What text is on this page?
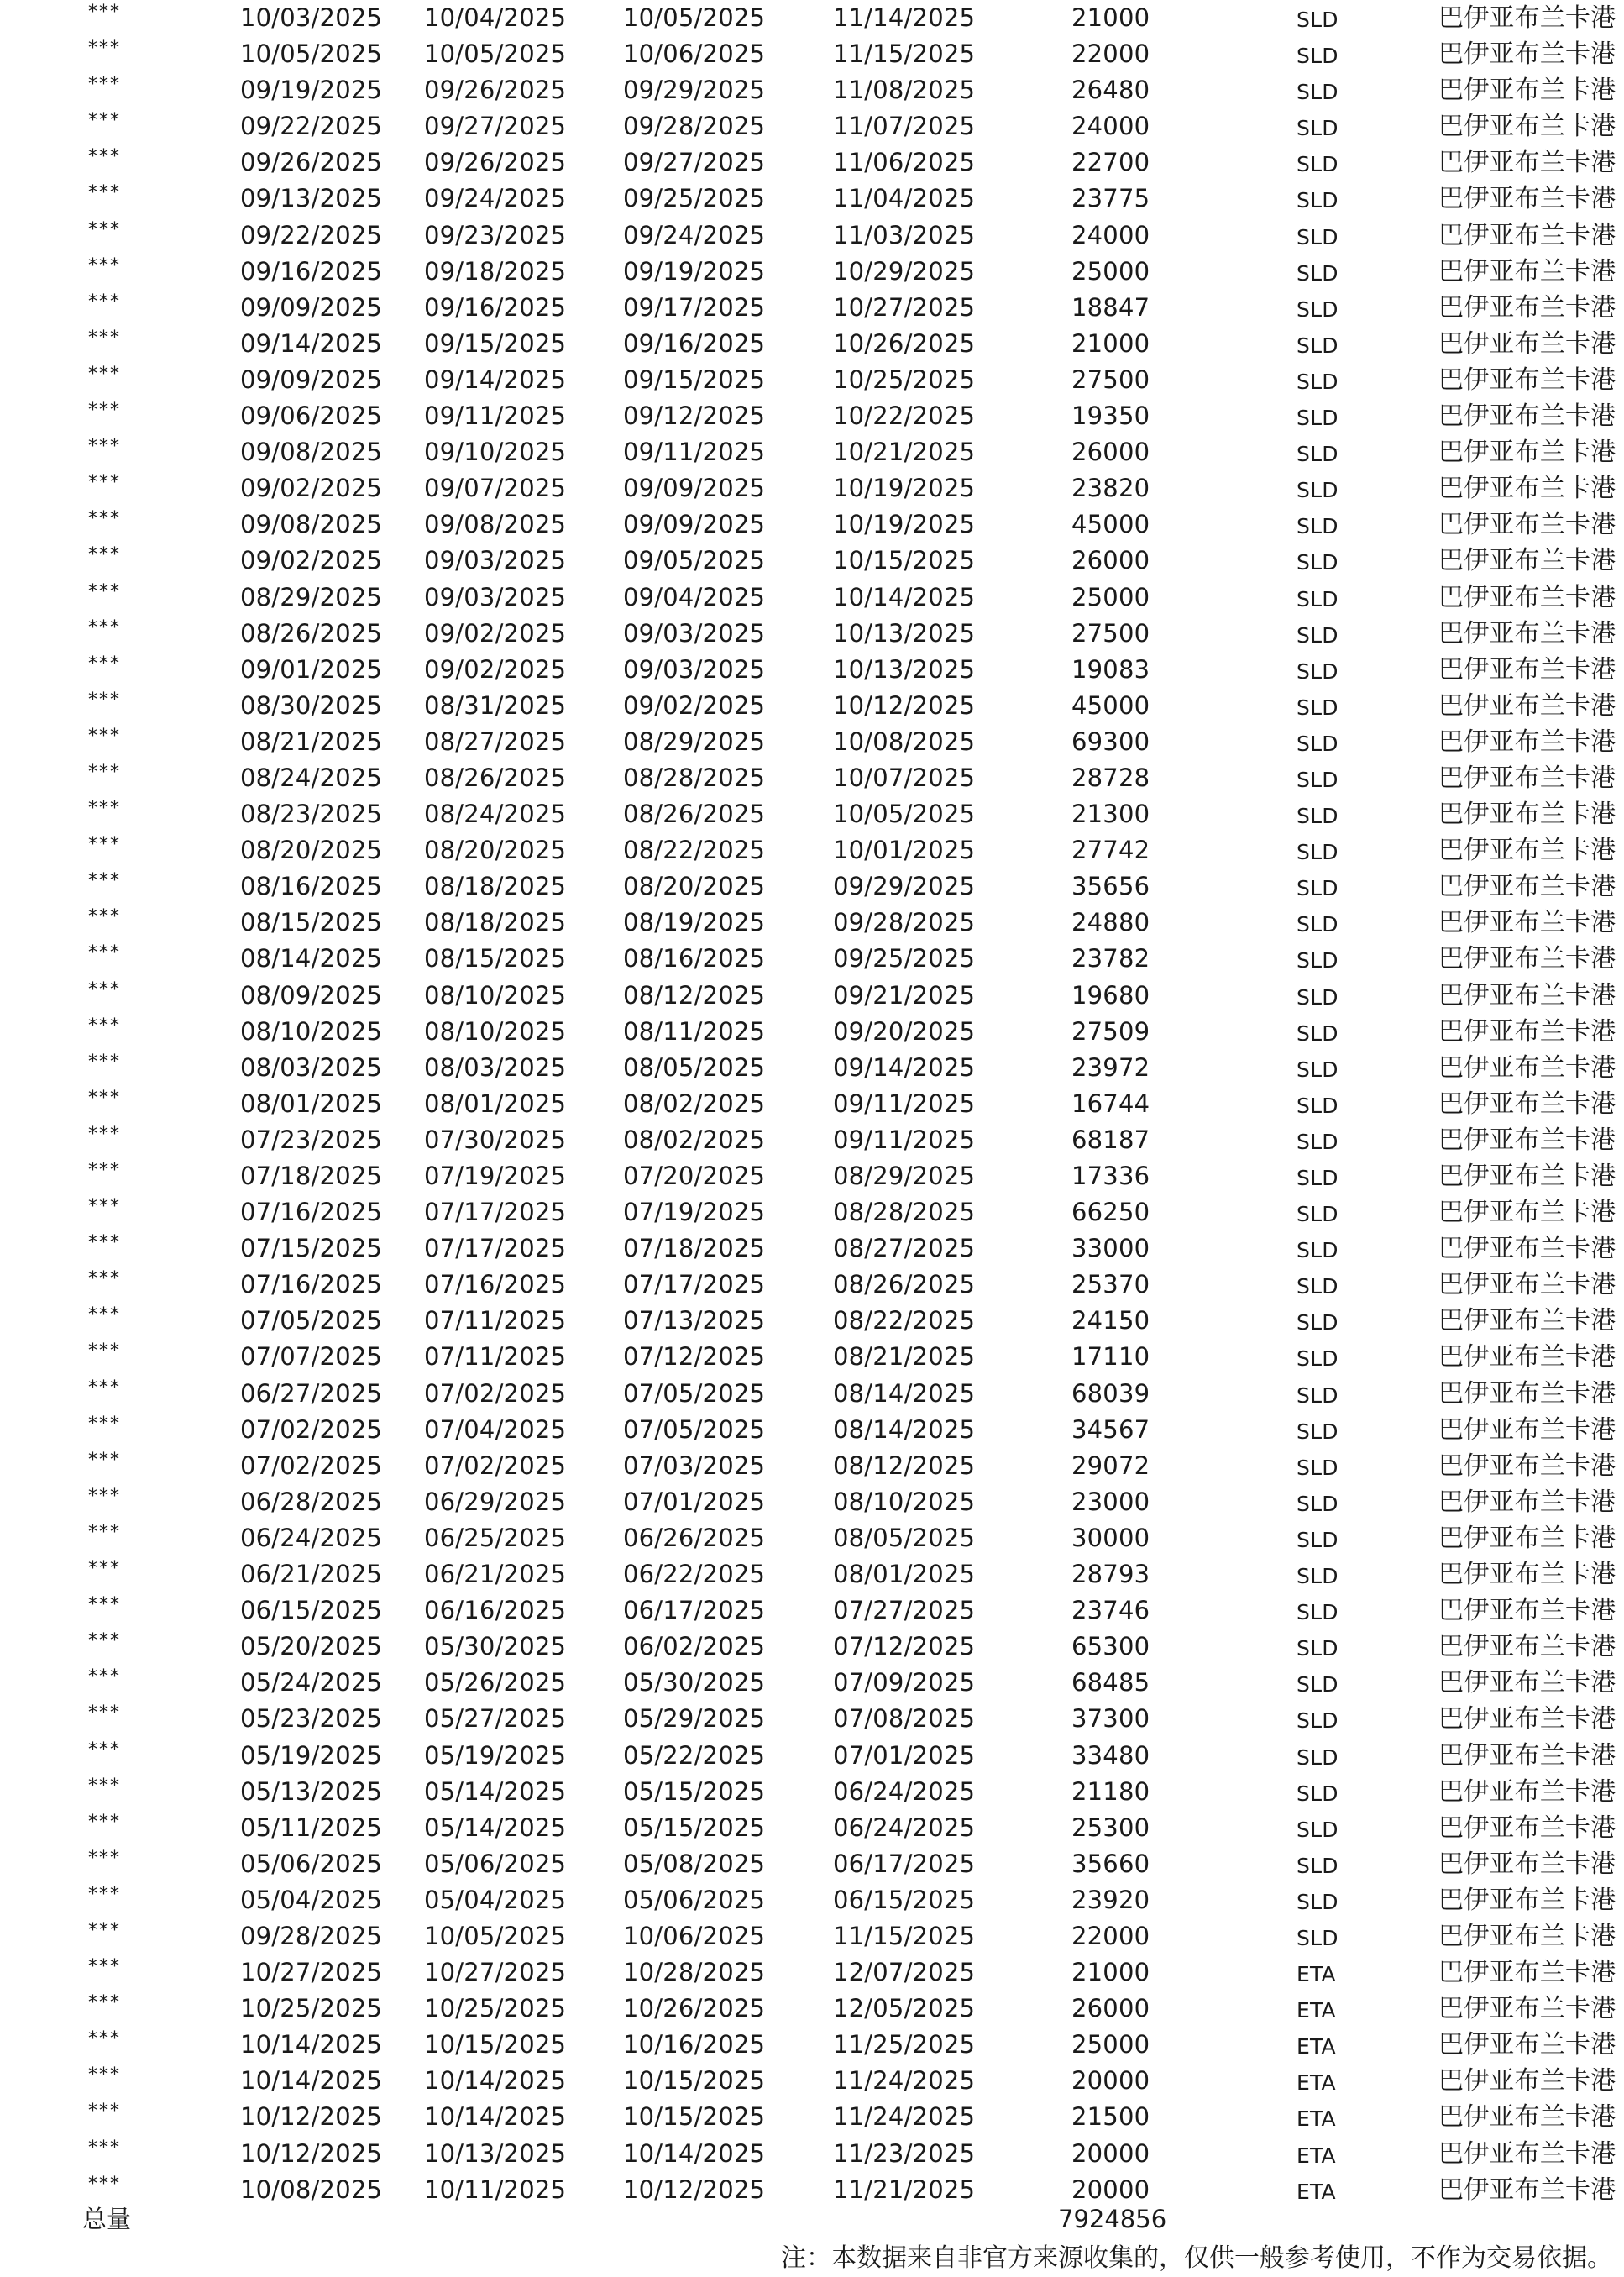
***	10/03/2025 10/04/2025 10/05/2025	11/14/2025	21000	SLD	巴伊亚布兰卡港
***	10/05/2025 10/05/2025 10/06/2025	11/15/2025	22000	SLD	巴伊亚布兰卡港
***	09/19/2025 09/26/2025 09/29/2025	11/08/2025	26480	SLD	巴伊亚布兰卡港
***	09/22/2025 09/27/2025 09/28/2025	11/07/2025	24000	SLD	巴伊亚布兰卡港
***	09/26/2025 09/26/2025 09/27/2025	11/06/2025	22700	SLD	巴伊亚布兰卡港
***	09/13/2025 09/24/2025 09/25/2025	11/04/2025	23775	SLD	巴伊亚布兰卡港
***	09/22/2025 09/23/2025 09/24/2025	11/03/2025	24000	SLD	巴伊亚布兰卡港
***	09/16/2025 09/18/2025 09/19/2025	10/29/2025	25000	SLD	巴伊亚布兰卡港
***	09/09/2025 09/16/2025 09/17/2025	10/27/2025	18847	SLD	巴伊亚布兰卡港
***	09/14/2025 09/15/2025 09/16/2025	10/26/2025	21000	SLD	巴伊亚布兰卡港
***	09/09/2025 09/14/2025 09/15/2025	10/25/2025	27500	SLD	巴伊亚布兰卡港
***	09/06/2025 09/11/2025 09/12/2025	10/22/2025	19350	SLD	巴伊亚布兰卡港
***	09/08/2025 09/10/2025 09/11/2025	10/21/2025	26000	SLD	巴伊亚布兰卡港
***	09/02/2025 09/07/2025 09/09/2025	10/19/2025	23820	SLD	巴伊亚布兰卡港
***	09/08/2025 09/08/2025 09/09/2025	10/19/2025	45000	SLD	巴伊亚布兰卡港
***	09/02/2025 09/03/2025 09/05/2025	10/15/2025	26000	SLD	巴伊亚布兰卡港
***	08/29/2025 09/03/2025 09/04/2025	10/14/2025	25000	SLD	巴伊亚布兰卡港
***	08/26/2025 09/02/2025 09/03/2025	10/13/2025	27500	SLD	巴伊亚布兰卡港
***	09/01/2025 09/02/2025 09/03/2025	10/13/2025	19083	SLD	巴伊亚布兰卡港
***	08/30/2025 08/31/2025 09/02/2025	10/12/2025	45000	SLD	巴伊亚布兰卡港
***	08/21/2025 08/27/2025 08/29/2025	10/08/2025	69300	SLD	巴伊亚布兰卡港
***	08/24/2025 08/26/2025 08/28/2025	10/07/2025	28728	SLD	巴伊亚布兰卡港
***	08/23/2025 08/24/2025 08/26/2025	10/05/2025	21300	SLD	巴伊亚布兰卡港
***	08/20/2025 08/20/2025 08/22/2025	10/01/2025	27742	SLD	巴伊亚布兰卡港
***	08/16/2025 08/18/2025 08/20/2025	09/29/2025	35656	SLD	巴伊亚布兰卡港
***	08/15/2025 08/18/2025 08/19/2025	09/28/2025	24880	SLD	巴伊亚布兰卡港
***	08/14/2025 08/15/2025 08/16/2025	09/25/2025	23782	SLD	巴伊亚布兰卡港
***	08/09/2025 08/10/2025 08/12/2025	09/21/2025	19680	SLD	巴伊亚布兰卡港
***	08/10/2025 08/10/2025 08/11/2025	09/20/2025	27509	SLD	巴伊亚布兰卡港
***	08/03/2025 08/03/2025 08/05/2025	09/14/2025	23972	SLD	巴伊亚布兰卡港
***	08/01/2025 08/01/2025 08/02/2025	09/11/2025	16744	SLD	巴伊亚布兰卡港
***	07/23/2025 07/30/2025 08/02/2025	09/11/2025	68187	SLD	巴伊亚布兰卡港
***	07/18/2025 07/19/2025 07/20/2025	08/29/2025	17336	SLD	巴伊亚布兰卡港
***	07/16/2025 07/17/2025 07/19/2025	08/28/2025	66250	SLD	巴伊亚布兰卡港
***	07/15/2025 07/17/2025 07/18/2025	08/27/2025	33000	SLD	巴伊亚布兰卡港
***	07/16/2025 07/16/2025 07/17/2025	08/26/2025	25370	SLD	巴伊亚布兰卡港
***	07/05/2025 07/11/2025 07/13/2025	08/22/2025	24150	SLD	巴伊亚布兰卡港
***	07/07/2025 07/11/2025 07/12/2025	08/21/2025	17110	SLD	巴伊亚布兰卡港
***	06/27/2025 07/02/2025 07/05/2025	08/14/2025	68039	SLD	巴伊亚布兰卡港
***	07/02/2025 07/04/2025 07/05/2025	08/14/2025	34567	SLD	巴伊亚布兰卡港
***	07/02/2025 07/02/2025 07/03/2025	08/12/2025	29072	SLD	巴伊亚布兰卡港
***	06/28/2025 06/29/2025 07/01/2025	08/10/2025	23000	SLD	巴伊亚布兰卡港
***	06/24/2025 06/25/2025 06/26/2025	08/05/2025	30000	SLD	巴伊亚布兰卡港
***	06/21/2025 06/21/2025 06/22/2025	08/01/2025	28793	SLD	巴伊亚布兰卡港
***	06/15/2025 06/16/2025 06/17/2025	07/27/2025	23746	SLD	巴伊亚布兰卡港
***	05/20/2025 05/30/2025 06/02/2025	07/12/2025	65300	SLD	巴伊亚布兰卡港
***	05/24/2025 05/26/2025 05/30/2025	07/09/2025	68485	SLD	巴伊亚布兰卡港
***	05/23/2025 05/27/2025 05/29/2025	07/08/2025	37300	SLD	巴伊亚布兰卡港
***	05/19/2025 05/19/2025 05/22/2025	07/01/2025	33480	SLD	巴伊亚布兰卡港
***	05/13/2025 05/14/2025 05/15/2025	06/24/2025	21180	SLD	巴伊亚布兰卡港
***	05/11/2025 05/14/2025 05/15/2025	06/24/2025	25300	SLD	巴伊亚布兰卡港
***	05/06/2025 05/06/2025 05/08/2025	06/17/2025	35660	SLD	巴伊亚布兰卡港
***	05/04/2025 05/04/2025 05/06/2025	06/15/2025	23920	SLD	巴伊亚布兰卡港
***	09/28/2025 10/05/2025 10/06/2025	11/15/2025	22000	SLD	巴伊亚布兰卡港
***	10/27/2025 10/27/2025 10/28/2025	12/07/2025	21000	ETA	巴伊亚布兰卡港
***	10/25/2025 10/25/2025 10/26/2025	12/05/2025	26000	ETA	巴伊亚布兰卡港
***	10/14/2025 10/15/2025 10/16/2025	11/25/2025	25000	ETA	巴伊亚布兰卡港
***	10/14/2025 10/14/2025 10/15/2025	11/24/2025	20000	ETA	巴伊亚布兰卡港
***	10/12/2025 10/14/2025 10/15/2025	11/24/2025	21500	ETA	巴伊亚布兰卡港
***	10/12/2025 10/13/2025 10/14/2025	11/23/2025	20000	ETA	巴伊亚布兰卡港
***	10/08/2025 10/11/2025 10/12/2025	11/21/2025	20000	ETA	巴伊亚布兰卡港
总量	7924856
注：本数据来自非官方来源收集的，仅供一般参考使用，不作为交易依据。
